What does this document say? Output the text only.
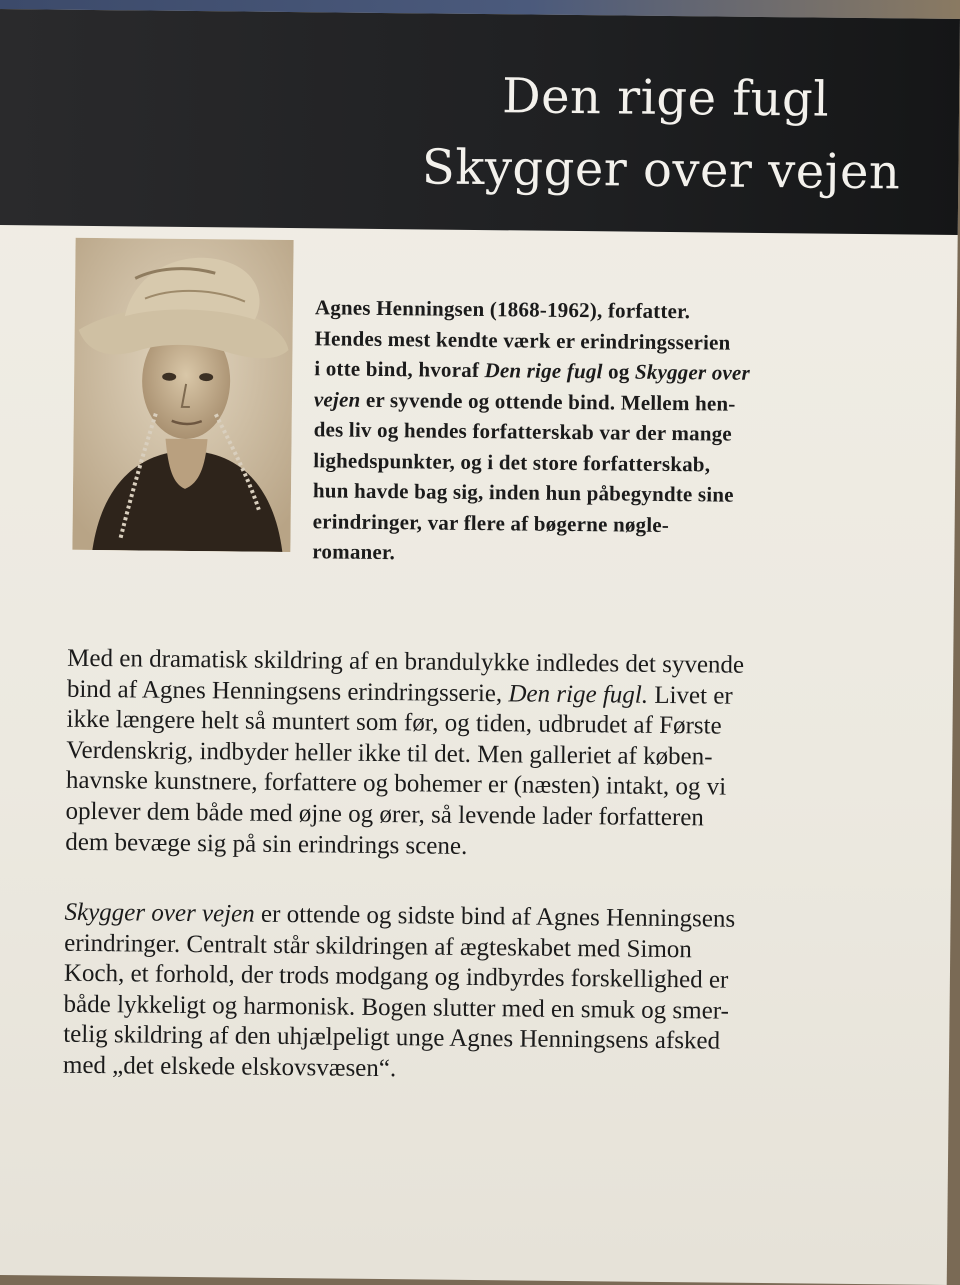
Den rige fugl
Skygger over vejen
Agnes Henningsen (1868-1962), forfatter.
Hendes mest kendte værk er erindringsserien
i otte bind, hvoraf Den rige fugl og Skygger over
vejen er syvende og ottende bind. Mellem hen-
des liv og hendes forfatterskab var der mange
lighedspunkter, og i det store forfatterskab,
hun havde bag sig, inden hun påbegyndte sine
erindringer, var flere af bøgerne nøgle-
romaner.
Med en dramatisk skildring af en brandulykke indledes det syvende
bind af Agnes Henningsens erindringsserie, Den rige fugl. Livet er
ikke længere helt så muntert som før, og tiden, udbrudet af Første
Verdenskrig, indbyder heller ikke til det. Men galleriet af køben-
havnske kunstnere, forfattere og bohemer er (næsten) intakt, og vi
oplever dem både med øjne og ører, så levende lader forfatteren
dem bevæge sig på sin erindrings scene.
Skygger over vejen er ottende og sidste bind af Agnes Henningsens
erindringer. Centralt står skildringen af ægteskabet med Simon
Koch, et forhold, der trods modgang og indbyrdes forskellighed er
både lykkeligt og harmonisk. Bogen slutter med en smuk og smer-
telig skildring af den uhjælpeligt unge Agnes Henningsens afsked
med „det elskede elskovsvæsen“.
